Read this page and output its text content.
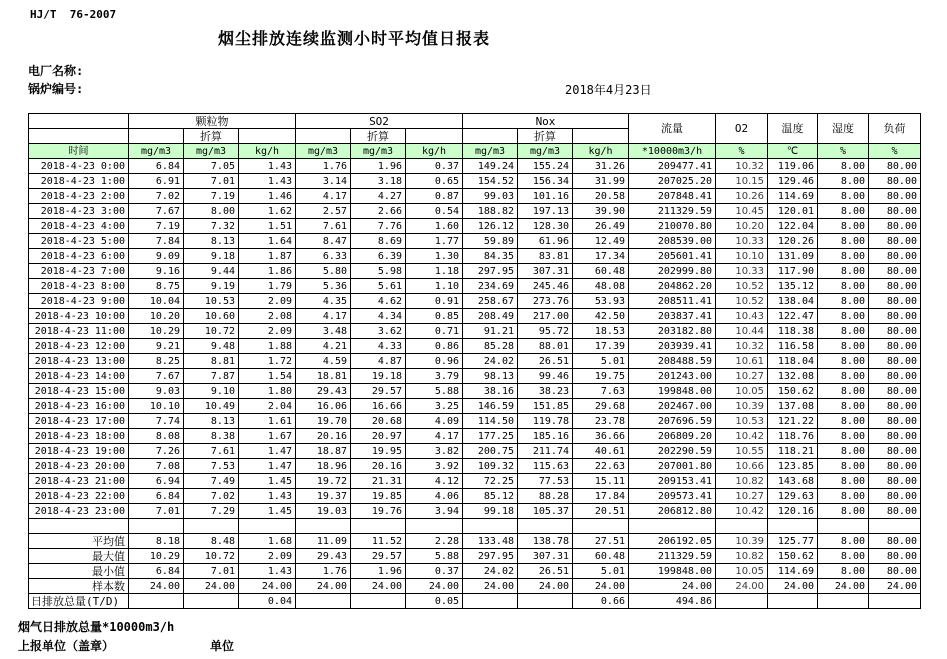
HJ/T  76-2007
烟尘排放连续监测小时平均值日报表
电厂名称:
锅炉编号:	2018年4月23日
	颗粒物			SO2			Nox			流量	O2	温度	湿度	负荷
		折算			折算			折算						
时间	mg/m3	mg/m3	kg/h	mg/m3	mg/m3	kg/h	mg/m3	mg/m3	kg/h	*10000m3/h	%	℃	%	%
2018-4-23 0:00	6.84	7.05	1.43	1.76	1.96	0.37	149.24	155.24	31.26	209477.41	10.32	119.06	8.00	80.00
2018-4-23 1:00	6.91	7.01	1.43	3.14	3.18	0.65	154.52	156.34	31.99	207025.20	10.15	129.46	8.00	80.00
2018-4-23 2:00	7.02	7.19	1.46	4.17	4.27	0.87	99.03	101.16	20.58	207848.41	10.26	114.69	8.00	80.00
2018-4-23 3:00	7.67	8.00	1.62	2.57	2.66	0.54	188.82	197.13	39.90	211329.59	10.45	120.01	8.00	80.00
2018-4-23 4:00	7.19	7.32	1.51	7.61	7.76	1.60	126.12	128.30	26.49	210070.80	10.20	122.04	8.00	80.00
2018-4-23 5:00	7.84	8.13	1.64	8.47	8.69	1.77	59.89	61.96	12.49	208539.00	10.33	120.26	8.00	80.00
2018-4-23 6:00	9.09	9.18	1.87	6.33	6.39	1.30	84.35	83.81	17.34	205601.41	10.10	131.09	8.00	80.00
2018-4-23 7:00	9.16	9.44	1.86	5.80	5.98	1.18	297.95	307.31	60.48	202999.80	10.33	117.90	8.00	80.00
2018-4-23 8:00	8.75	9.19	1.79	5.36	5.61	1.10	234.69	245.46	48.08	204862.20	10.52	135.12	8.00	80.00
2018-4-23 9:00	10.04	10.53	2.09	4.35	4.62	0.91	258.67	273.76	53.93	208511.41	10.52	138.04	8.00	80.00
2018-4-23 10:00	10.20	10.60	2.08	4.17	4.34	0.85	208.49	217.00	42.50	203837.41	10.43	122.47	8.00	80.00
2018-4-23 11:00	10.29	10.72	2.09	3.48	3.62	0.71	91.21	95.72	18.53	203182.80	10.44	118.38	8.00	80.00
2018-4-23 12:00	9.21	9.48	1.88	4.21	4.33	0.86	85.28	88.01	17.39	203939.41	10.32	116.58	8.00	80.00
2018-4-23 13:00	8.25	8.81	1.72	4.59	4.87	0.96	24.02	26.51	5.01	208488.59	10.61	118.04	8.00	80.00
2018-4-23 14:00	7.67	7.87	1.54	18.81	19.18	3.79	98.13	99.46	19.75	201243.00	10.27	132.08	8.00	80.00
2018-4-23 15:00	9.03	9.10	1.80	29.43	29.57	5.88	38.16	38.23	7.63	199848.00	10.05	150.62	8.00	80.00
2018-4-23 16:00	10.10	10.49	2.04	16.06	16.66	3.25	146.59	151.85	29.68	202467.00	10.39	137.08	8.00	80.00
2018-4-23 17:00	7.74	8.13	1.61	19.70	20.68	4.09	114.50	119.78	23.78	207696.59	10.53	121.22	8.00	80.00
2018-4-23 18:00	8.08	8.38	1.67	20.16	20.97	4.17	177.25	185.16	36.66	206809.20	10.42	118.76	8.00	80.00
2018-4-23 19:00	7.26	7.61	1.47	18.87	19.95	3.82	200.75	211.74	40.61	202290.59	10.55	118.21	8.00	80.00
2018-4-23 20:00	7.08	7.53	1.47	18.96	20.16	3.92	109.32	115.63	22.63	207001.80	10.66	123.85	8.00	80.00
2018-4-23 21:00	6.94	7.49	1.45	19.72	21.31	4.12	72.25	77.53	15.11	209153.41	10.82	143.68	8.00	80.00
2018-4-23 22:00	6.84	7.02	1.43	19.37	19.85	4.06	85.12	88.28	17.84	209573.41	10.27	129.63	8.00	80.00
2018-4-23 23:00	7.01	7.29	1.45	19.03	19.76	3.94	99.18	105.37	20.51	206812.80	10.42	120.16	8.00	80.00

平均值	8.18	8.48	1.68	11.09	11.52	2.28	133.48	138.78	27.51	206192.05	10.39	125.77	8.00	80.00
最大值	10.29	10.72	2.09	29.43	29.57	5.88	297.95	307.31	60.48	211329.59	10.82	150.62	8.00	80.00
最小值	6.84	7.01	1.43	1.76	1.96	0.37	24.02	26.51	5.01	199848.00	10.05	114.69	8.00	80.00
样本数	24.00	24.00	24.00	24.00	24.00	24.00	24.00	24.00	24.00	24.00	24.00	24.00	24.00	24.00
日排放总量(T/D)			0.04			0.05			0.66	494.86				
烟气日排放总量*10000m3/h
上报单位（盖章）	单位
